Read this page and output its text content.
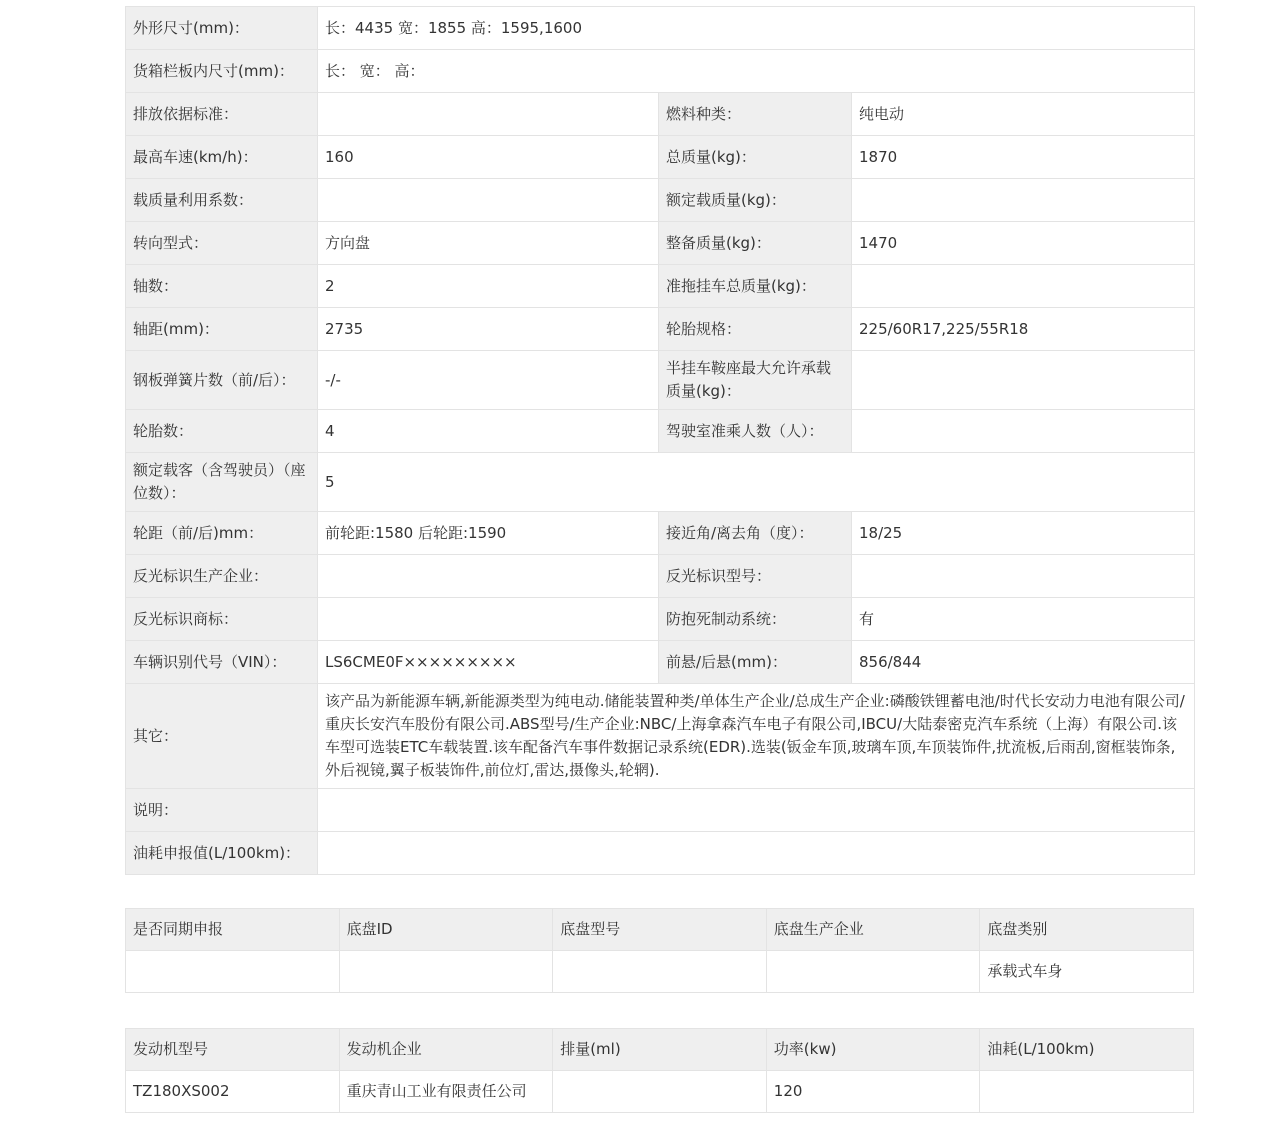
外形尺寸(mm)：	长：4435 宽：1855 高：1595,1600		
货箱栏板内尺寸(mm)：	长： 宽： 高：		
排放依据标准：		燃料种类：	纯电动
最高车速(km/h)：	160	总质量(kg)：	1870
载质量利用系数：		额定载质量(kg)：	
转向型式：	方向盘	整备质量(kg)：	1470
轴数：	2	准拖挂车总质量(kg)：	
轴距(mm)：	2735	轮胎规格：	225/60R17,225/55R18
钢板弹簧片数（前/后）：	-/-	半挂车鞍座最大允许承载质量(kg)：	
轮胎数：	4	驾驶室准乘人数（人）：	
额定载客（含驾驶员）（座位数）：	5		
轮距（前/后)mm：	前轮距:1580 后轮距:1590	接近角/离去角（度）：	18/25
反光标识生产企业：		反光标识型号：	
反光标识商标：		防抱死制动系统：	有
车辆识别代号（VIN）：	LS6CME0F×××××××××	前悬/后悬(mm)：	856/844
其它：	该产品为新能源车辆,新能源类型为纯电动.储能装置种类/单体生产企业/总成生产企业:磷酸铁锂蓄电池/时代长安动力电池有限公司/重庆长安汽车股份有限公司.ABS型号/生产企业:NBC/上海拿森汽车电子有限公司,IBCU/大陆泰密克汽车系统（上海）有限公司.该车型可选装ETC车载装置.该车配备汽车事件数据记录系统(EDR).选装(钣金车顶,玻璃车顶,车顶装饰件,扰流板,后雨刮,窗框装饰条,外后视镜,翼子板装饰件,前位灯,雷达,摄像头,轮辋).		
说明：			
油耗申报值(L/100km)：			
是否同期申报	底盘ID	底盘型号	底盘生产企业	底盘类别
				承载式车身
发动机型号	发动机企业	排量(ml)	功率(kw)	油耗(L/100km)
TZ180XS002	重庆青山工业有限责任公司		120	
